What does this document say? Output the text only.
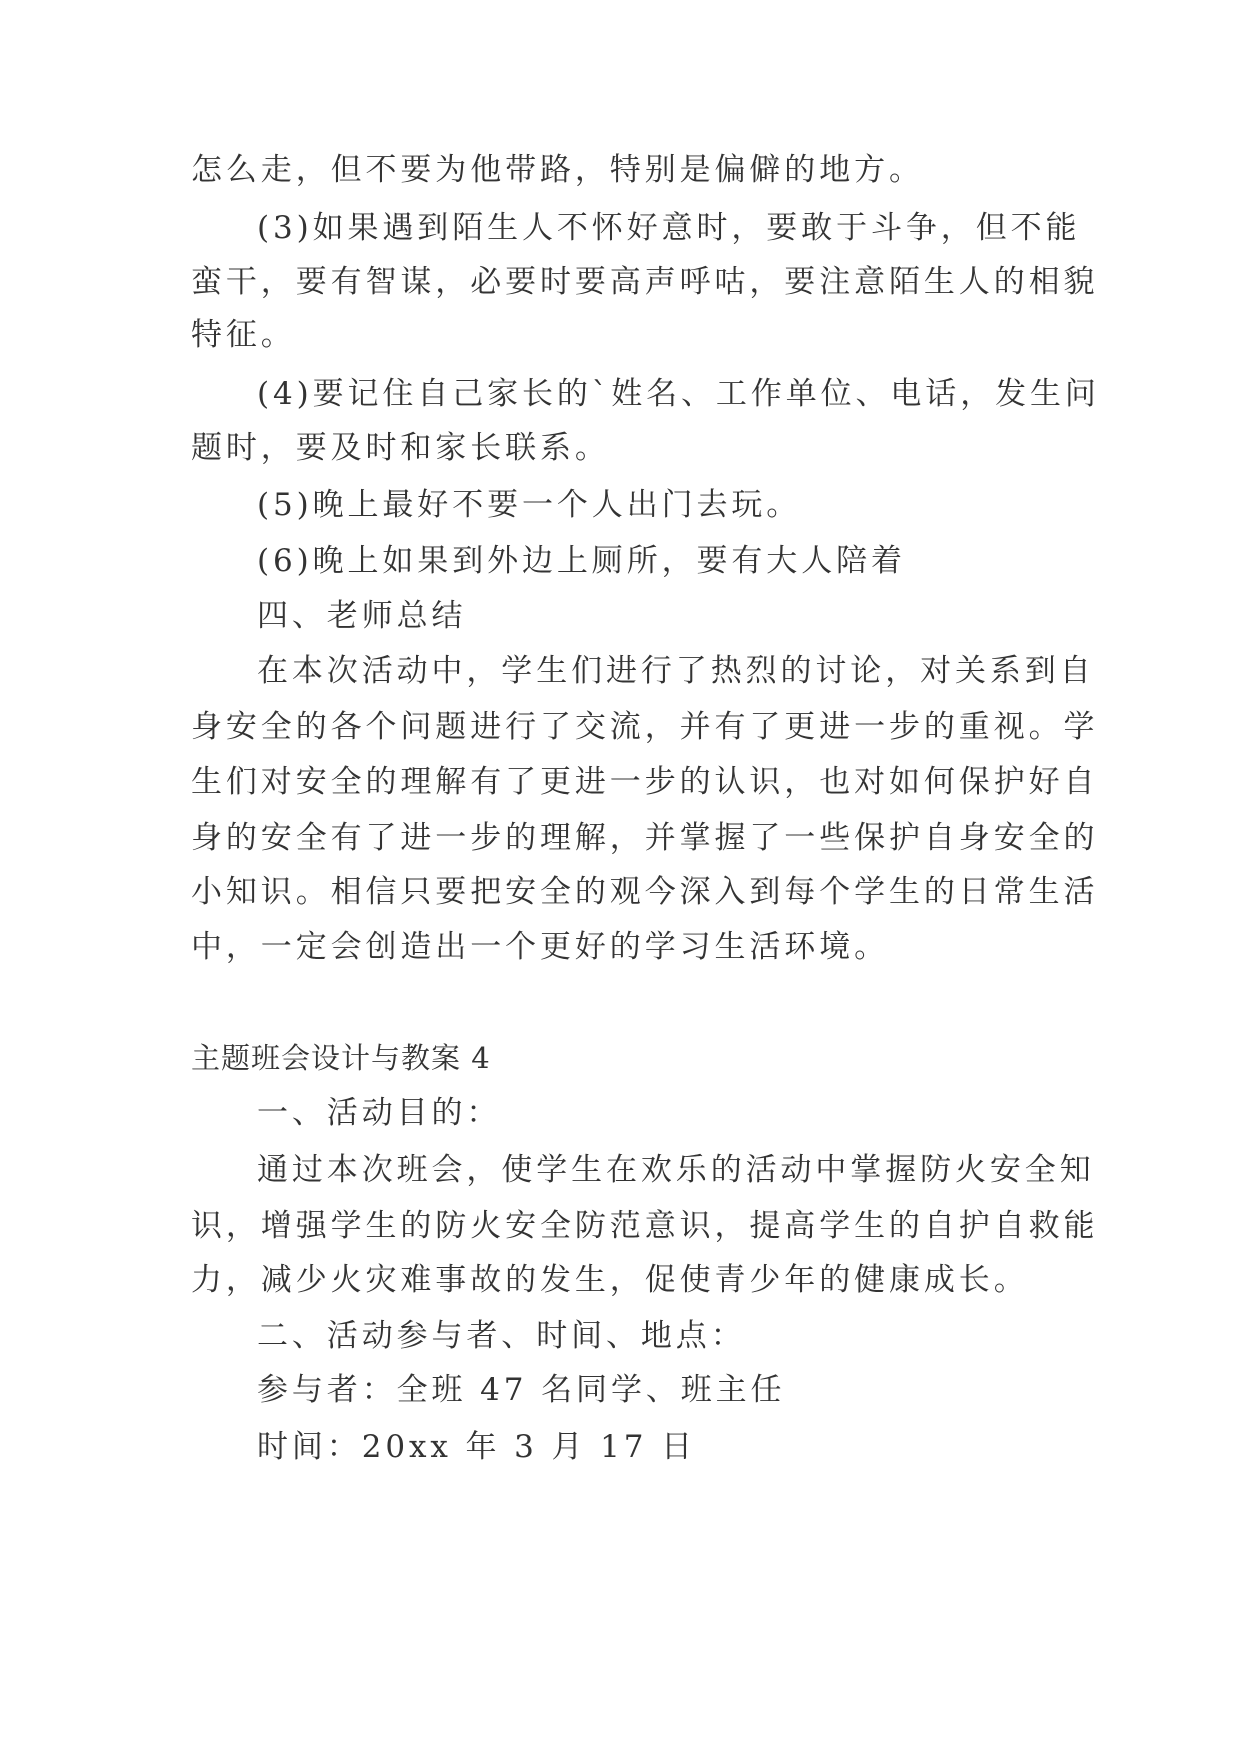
怎么走，但不要为他带路，特别是偏僻的地方。

(3)如果遇到陌生人不怀好意时，要敢于斗争，但不能

蛮干，要有智谋，必要时要高声呼咕，要注意陌生人的相貌

特征。

(4)要记住自己家长的`姓名、工作单位、电话，发生问

题时，要及时和家长联系。

(5)晚上最好不要一个人出门去玩。

(6)晚上如果到外边上厕所，要有大人陪着

四、老师总结

在本次活动中，学生们进行了热烈的讨论，对关系到自

身安全的各个问题进行了交流，并有了更进一步的重视。学

生们对安全的理解有了更进一步的认识，也对如何保护好自

身的安全有了进一步的理解，并掌握了一些保护自身安全的

小知识。相信只要把安全的观今深入到每个学生的日常生活

中，一定会创造出一个更好的学习生活环境。

主题班会设计与教案 4

一、活动目的：

通过本次班会，使学生在欢乐的活动中掌握防火安全知

识，增强学生的防火安全防范意识，提高学生的自护自救能

力，减少火灾难事故的发生，促使青少年的健康成长。

二、活动参与者、时间、地点：

参与者：全班 47 名同学、班主任

时间：20xx 年 3 月 17 日
